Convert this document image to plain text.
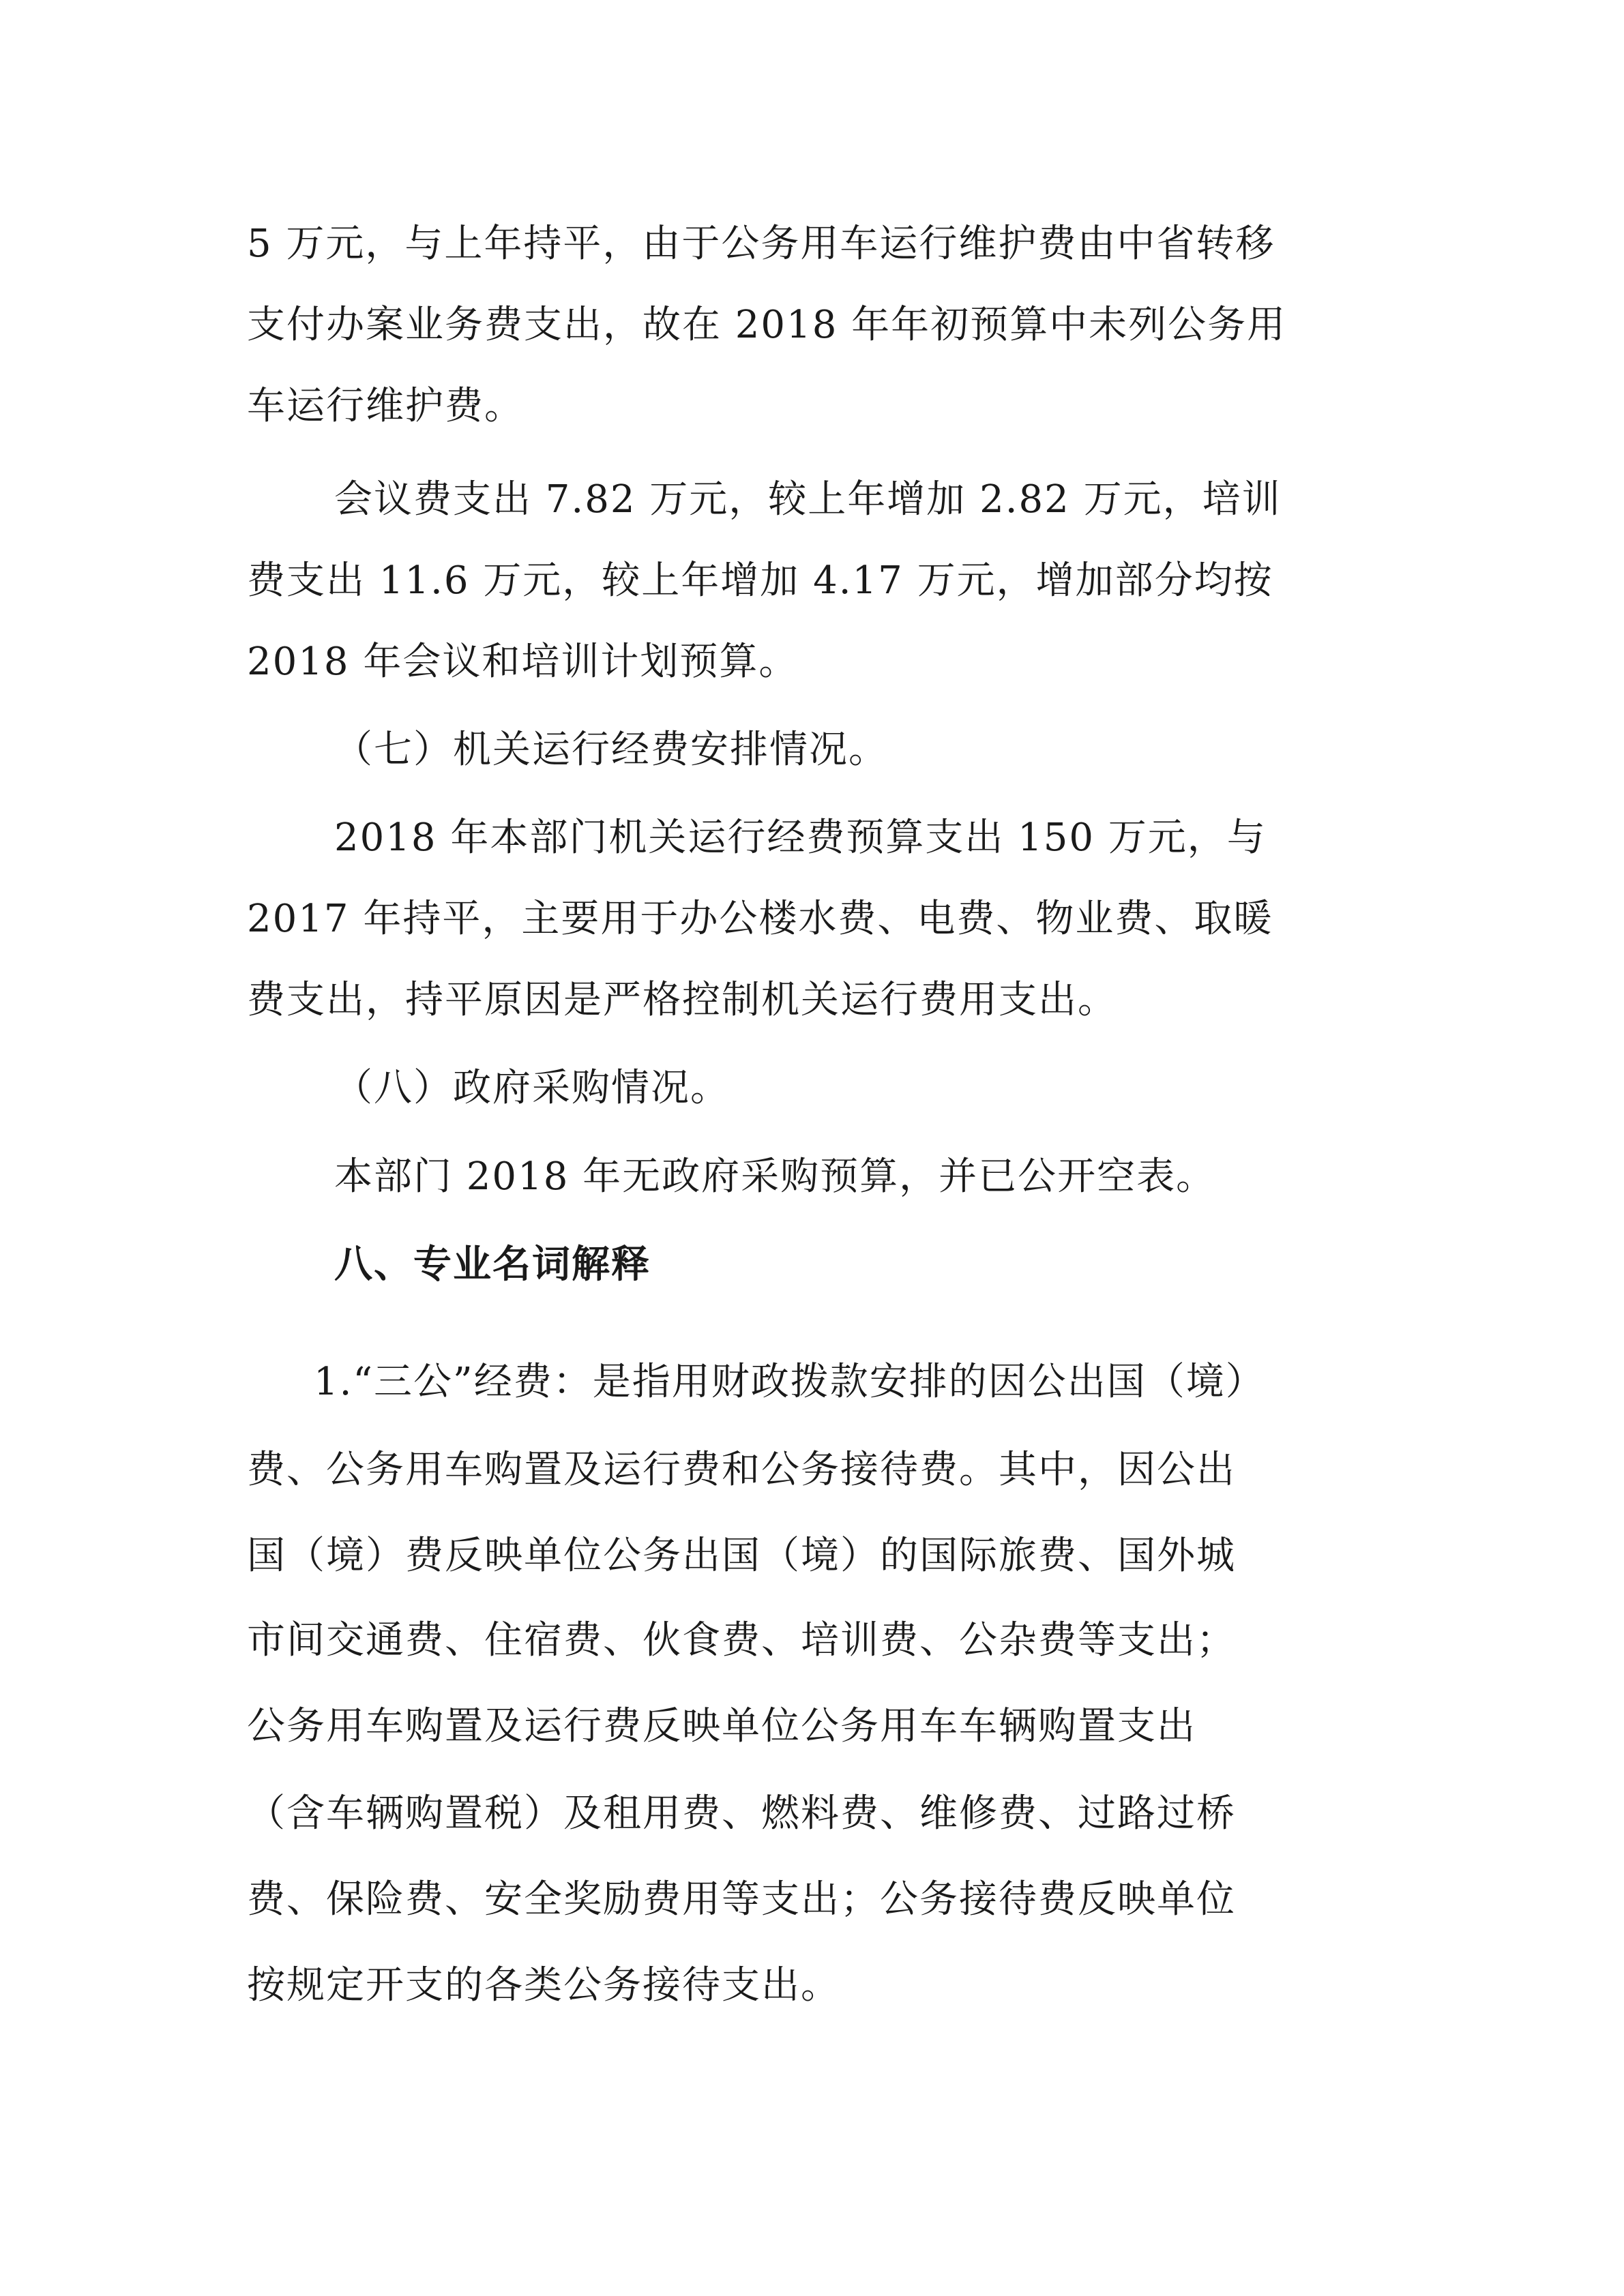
5 万元，与上年持平，由于公务用车运行维护费由中省转移
支付办案业务费支出，故在 2018 年年初预算中未列公务用
车运行维护费。
会议费支出 7.82 万元，较上年增加 2.82 万元，培训
费支出 11.6 万元，较上年增加 4.17 万元，增加部分均按
2018 年会议和培训计划预算。
（七）机关运行经费安排情况。
2018 年本部门机关运行经费预算支出 150 万元，与
2017 年持平，主要用于办公楼水费、电费、物业费、取暖
费支出，持平原因是严格控制机关运行费用支出。
（八）政府采购情况。
本部门 2018 年无政府采购预算，并已公开空表。
八、专业名词解释
1.“三公”经费：是指用财政拨款安排的因公出国（境）
费、公务用车购置及运行费和公务接待费。其中，因公出
国（境）费反映单位公务出国（境）的国际旅费、国外城
市间交通费、住宿费、伙食费、培训费、公杂费等支出；
公务用车购置及运行费反映单位公务用车车辆购置支出
（含车辆购置税）及租用费、燃料费、维修费、过路过桥
费、保险费、安全奖励费用等支出；公务接待费反映单位
按规定开支的各类公务接待支出。
